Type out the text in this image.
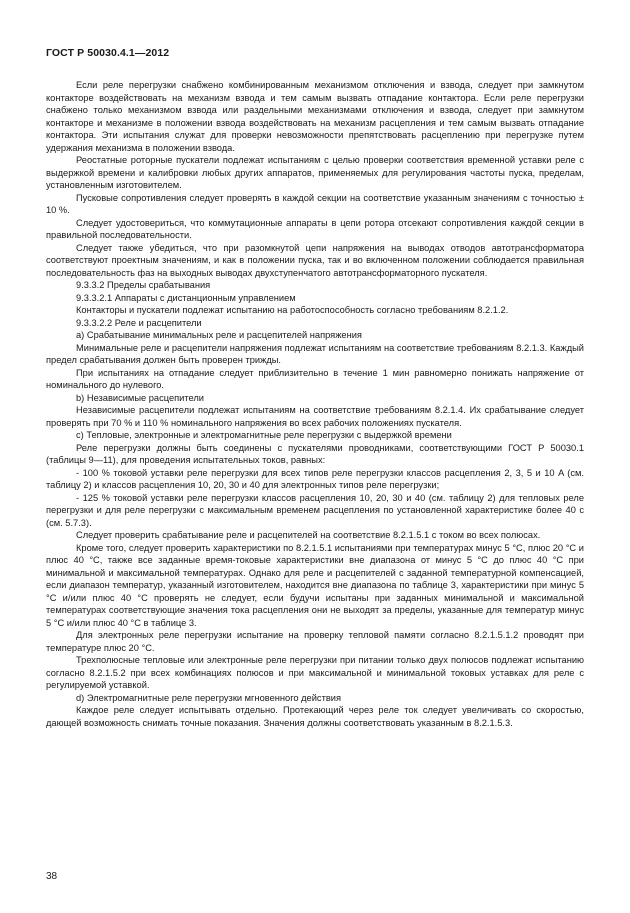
ГОСТ Р 50030.4.1—2012

Если реле перегрузки снабжено комбинированным механизмом отключения и взвода, следует при замкнутом контакторе воздействовать на механизм взвода и тем самым вызвать отпадание контактора. Если реле перегрузки снабжено только механизмом взвода или раздельными механизмами отключения и взвода, следует при замкнутом контакторе и механизме в положении взвода воздействовать на механизм расцепления и тем самым вызвать отпадание контактора. Эти испытания служат для проверки невозможности препятствовать расцеплению при перегрузке путем удержания механизма в положении взвода.

Реостатные роторные пускатели подлежат испытаниям с целью проверки соответствия временной уставки реле с выдержкой времени и калибровки любых других аппаратов, применяемых для регулирования частоты пуска, пределам, установленным изготовителем.

Пусковые сопротивления следует проверять в каждой секции на соответствие указанным значениям с точностью ± 10 %.

Следует удостовериться, что коммутационные аппараты в цепи ротора отсекают сопротивления каждой секции в правильной последовательности.

Следует также убедиться, что при разомкнутой цепи напряжения на выводах отводов автотрансформатора соответствуют проектным значениям, и как в положении пуска, так и во включенном положении соблюдается правильная последовательность фаз на выходных выводах двухступенчатого автотрансформаторного пускателя.

9.3.3.2 Пределы срабатывания

9.3.3.2.1 Аппараты с дистанционным управлением

Контакторы и пускатели подлежат испытанию на работоспособность согласно требованиям 8.2.1.2.

9.3.3.2.2 Реле и расцепители

a) Срабатывание минимальных реле и расцепителей напряжения

Минимальные реле и расцепители напряжения подлежат испытаниям на соответствие требованиям 8.2.1.3. Каждый предел срабатывания должен быть проверен трижды.

При испытаниях на отпадание следует приблизительно в течение 1 мин равномерно понижать напряжение от номинального до нулевого.

b) Независимые расцепители

Независимые расцепители подлежат испытаниям на соответствие требованиям 8.2.1.4. Их срабатывание следует проверять при 70 % и 110 % номинального напряжения во всех рабочих положениях пускателя.

c) Тепловые, электронные и электромагнитные реле перегрузки с выдержкой времени

Реле перегрузки должны быть соединены с пускателями проводниками, соответствующими ГОСТ Р 50030.1 (таблицы 9—11), для проведения испытательных токов, равных:

- 100 % токовой уставки реле перегрузки для всех типов реле перегрузки классов расцепления 2, 3, 5 и 10 A (см. таблицу 2) и классов расцепления 10, 20, 30 и 40 для электронных типов реле перегрузки;

- 125 % токовой уставки реле перегрузки классов расцепления 10, 20, 30 и 40 (см. таблицу 2) для тепловых реле перегрузки и для реле перегрузки с максимальным временем расцепления по установленной характеристике более 40 с (см. 5.7.3).

Следует проверить срабатывание реле и расцепителей на соответствие 8.2.1.5.1 с током во всех полюсах.

Кроме того, следует проверить характеристики по 8.2.1.5.1 испытаниями при температурах минус 5 °C, плюс 20 °C и плюс 40 °C, также все заданные время-токовые характеристики вне диапазона от минус 5 °C до плюс 40 °C при минимальной и максимальной температурах. Однако для реле и расцепителей с заданной температурной компенсацией, если диапазон температур, указанный изготовителем, находится вне диапазона по таблице 3, характеристики при минус 5 °C и/или плюс 40 °C проверять не следует, если будучи испытаны при заданных минимальной и максимальной температурах соответствующие значения тока расцепления они не выходят за пределы, указанные для температур минус 5 °C и/или плюс 40 °C в таблице 3.

Для электронных реле перегрузки испытание на проверку тепловой памяти согласно 8.2.1.5.1.2 проводят при температуре плюс 20 °C.

Трехполюсные тепловые или электронные реле перегрузки при питании только двух полюсов подлежат испытанию согласно 8.2.1.5.2 при всех комбинациях полюсов и при максимальной и минимальной токовых уставках для реле с регулируемой уставкой.

d) Электромагнитные реле перегрузки мгновенного действия

Каждое реле следует испытывать отдельно. Протекающий через реле ток следует увеличивать со скоростью, дающей возможность снимать точные показания. Значения должны соответствовать указанным в 8.2.1.5.3.

38
